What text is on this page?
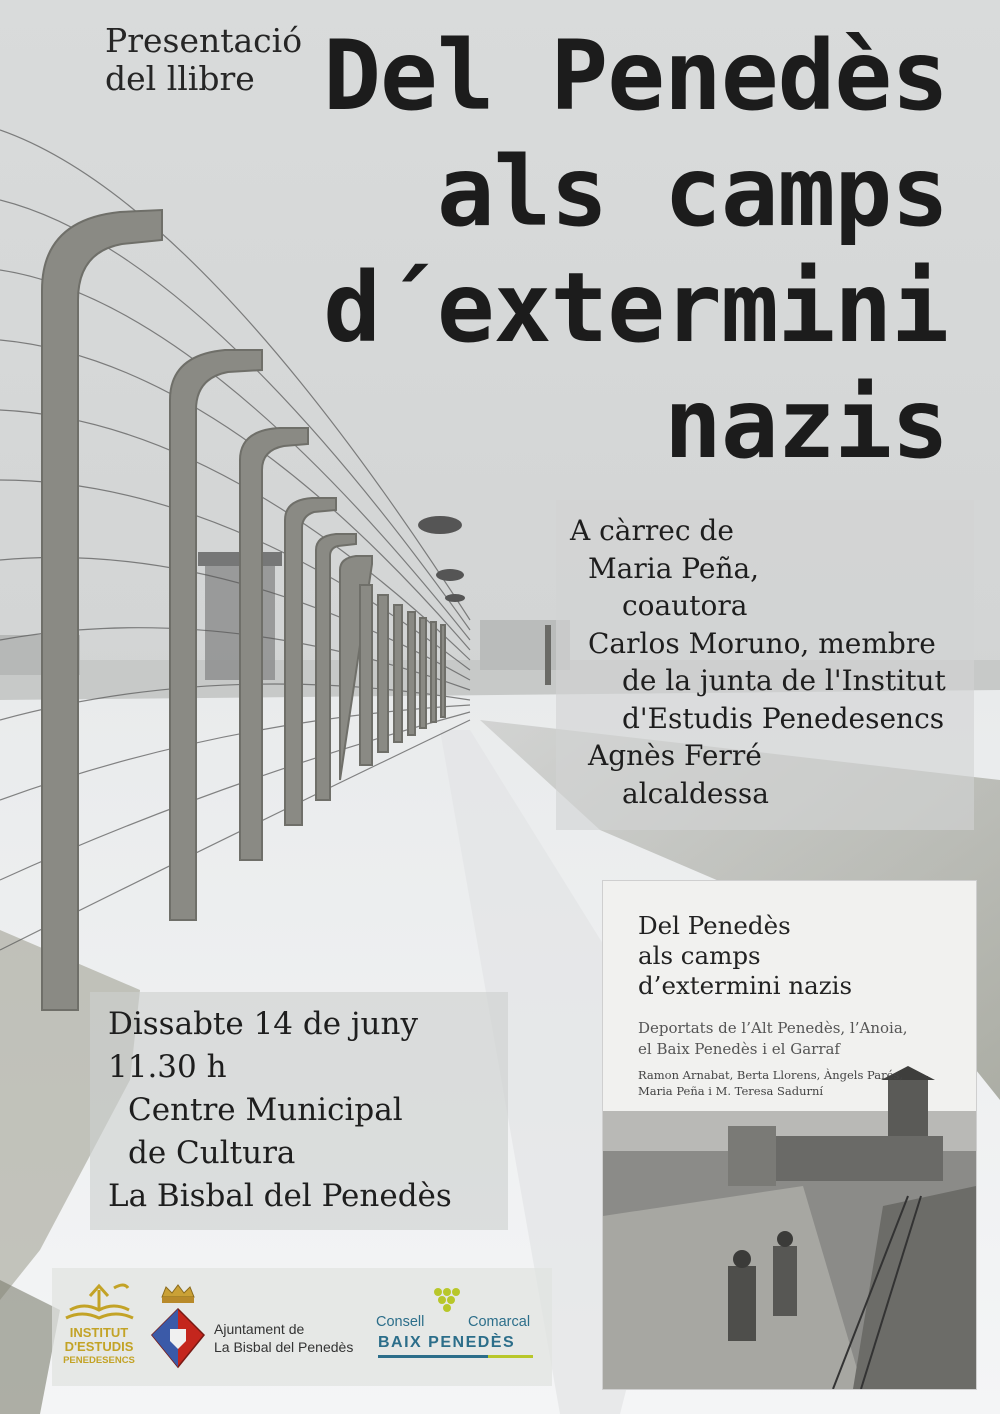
Presentació
del llibre Del Penedès
als camps
d´extermini
nazis
A càrrec de
Maria Peña,
coautora
Carlos Moruno, membre
de la junta de l'Institut
d'Estudis Penedesencs
Agnès Ferré
alcaldessa
Dissabte 14 de juny
11.30 h
Centre Municipal
de Cultura
La Bisbal del Penedès
Del Penedès
als camps
d’extermini nazis
Deportats de l’Alt Penedès, l’Anoia,
el Baix Penedès i el Garraf
Ramon Arnabat, Berta Llorens, Àngels Parés,
Maria Peña i M. Teresa Sadurní
INSTITUT
D'ESTUDIS
PENEDESENCS
Ajuntament de
La Bisbal del Penedès
Consell	Comarcal
BAIX PENEDÈS
